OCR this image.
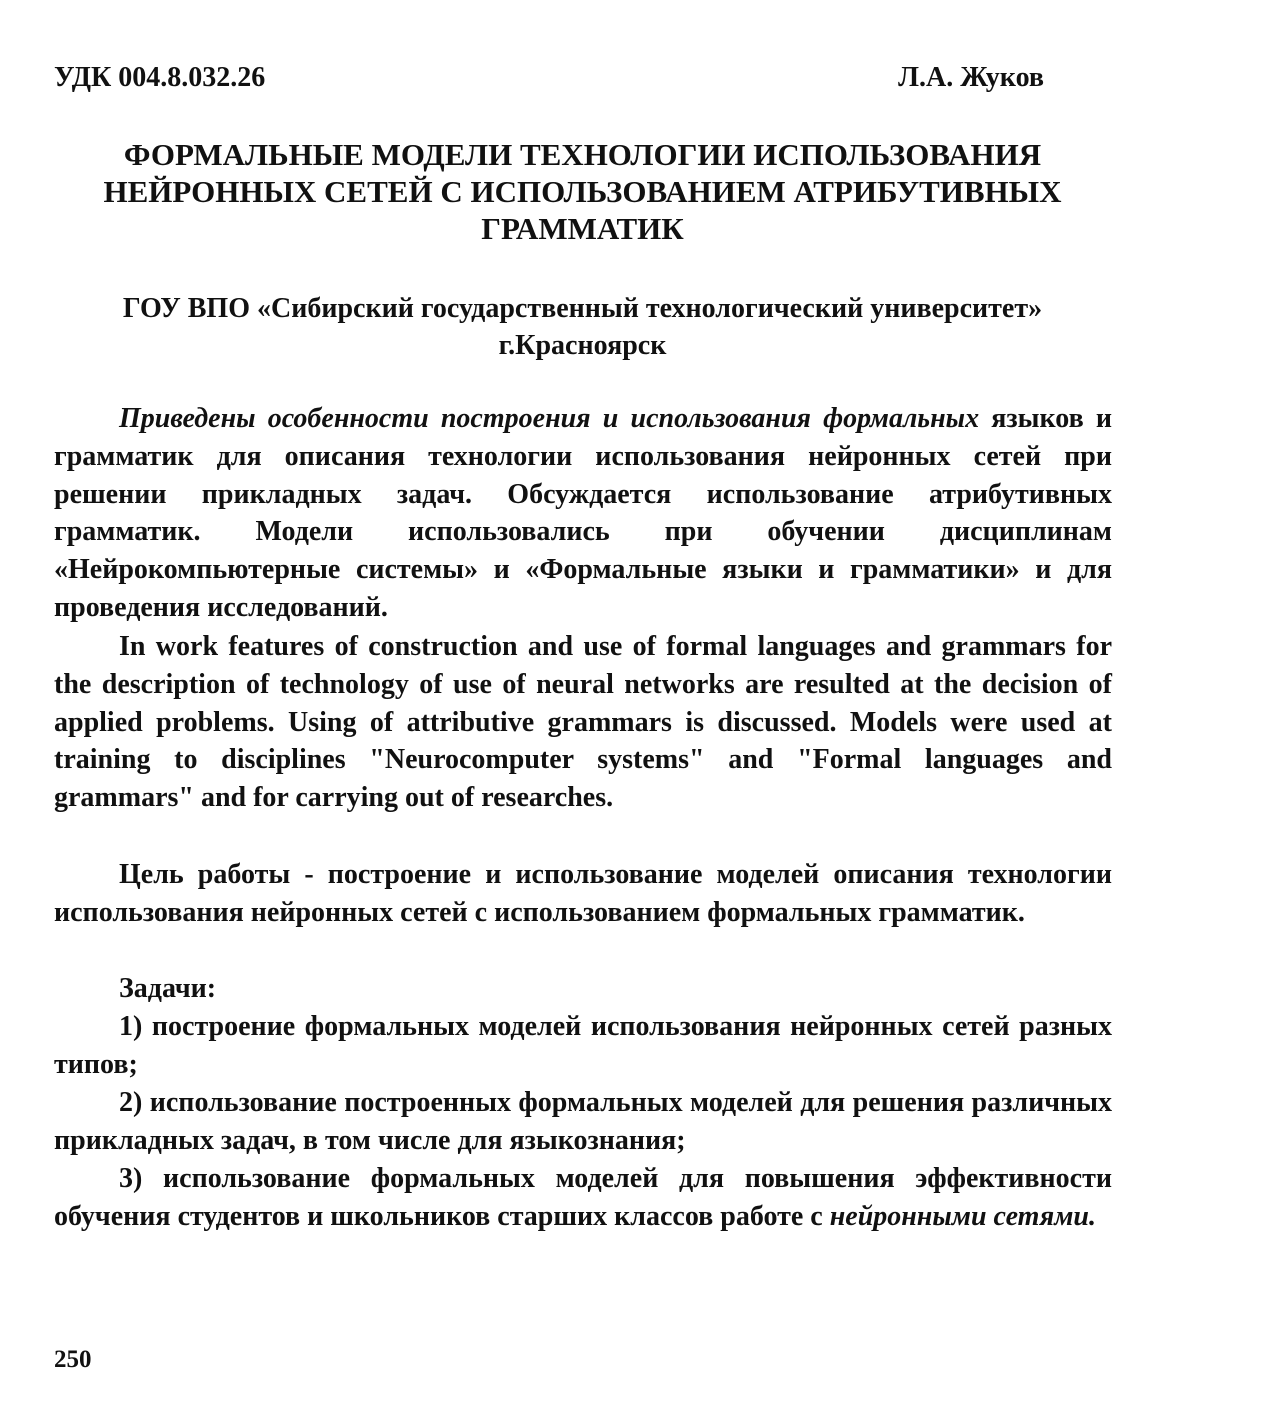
УДК 004.8.032.26	Л.А. Жуков
ФОРМАЛЬНЫЕ МОДЕЛИ ТЕХНОЛОГИИ ИСПОЛЬЗОВАНИЯ
НЕЙРОННЫХ СЕТЕЙ С ИСПОЛЬЗОВАНИЕМ АТРИБУТИВНЫХ
ГРАММАТИК
ГОУ ВПО «Сибирский государственный технологический университет»
г.Красноярск

Приведены особенности построения и использования формальных языков и грамматик для описания технологии использования нейронных сетей при решении прикладных задач. Обсуждается использование атрибутивных грамматик. Модели использовались при обучении дисциплинам «Нейрокомпьютерные системы» и «Формальные языки и грамматики» и для проведения исследований.

In work features of construction and use of formal languages and grammars for the description of technology of use of neural networks are resulted at the decision of applied problems. Using of attributive grammars is discussed. Models were used at training to disciplines "Neurocomputer systems" and "Formal languages and grammars" and for carrying out of researches.

Цель работы - построение и использование моделей описания технологии использования нейронных сетей с использованием формальных грамматик.

Задачи:

1) построение формальных моделей использования нейронных сетей разных типов;

2) использование построенных формальных моделей для решения различных прикладных задач, в том числе для языкознания;

3) использование формальных моделей для повышения эффективности обучения студентов и школьников старших классов работе с нейронными сетями.

250
